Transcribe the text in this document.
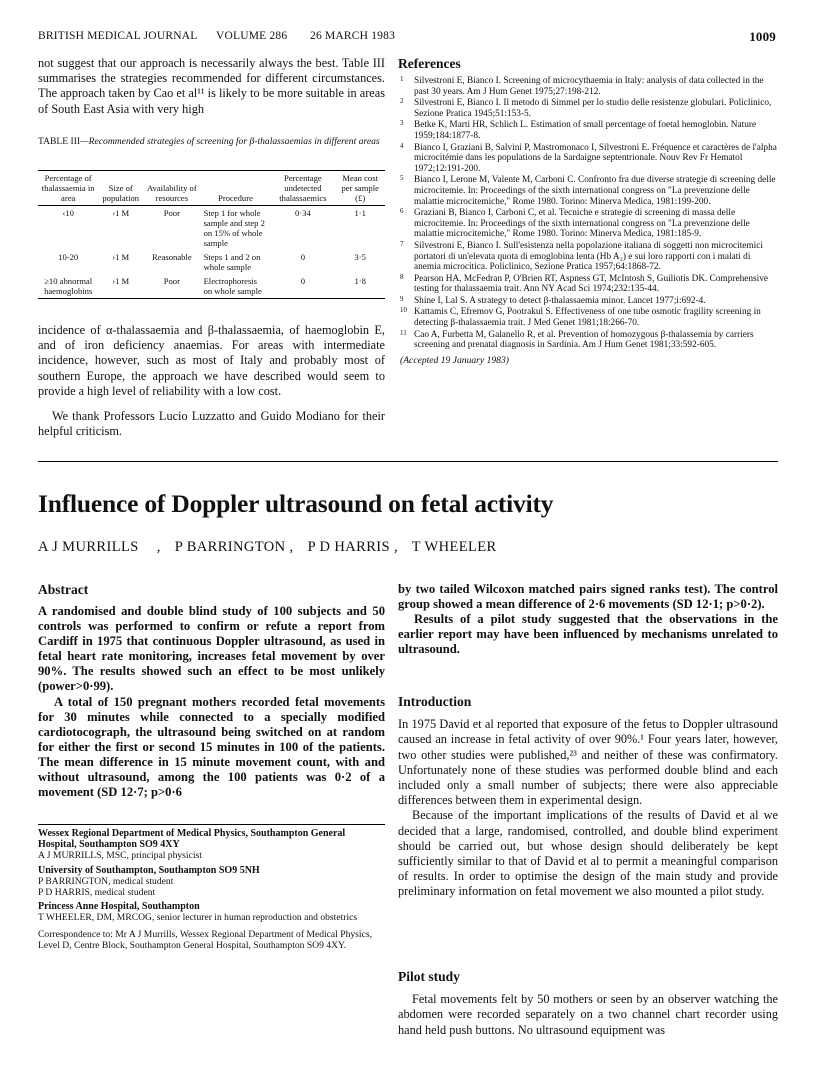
BRITISH MEDICAL JOURNAL VOLUME 286 26 MARCH 1983	1009
not suggest that our approach is necessarily always the best. Table III summarises the strategies recommended for different circumstances. The approach taken by Cao et al¹¹ is likely to be more suitable in areas of South East Asia with very high
TABLE III—Recommended strategies of screening for β-thalassaemias in different areas
Percentage of thalassaemia in area	Size of population	Availability of resources	Procedure	Percentage undetected thalassaemics	Mean cost per sample (£)
‹10	›1 M	Poor	Step 1 for whole sample and step 2 on 15% of whole sample	0·34	1·1
10-20	›1 M	Reasonable	Steps 1 and 2 on whole sample	0	3·5
≥10 abnormal haemoglobins	›1 M	Poor	Electrophoresis on whole sample	0	1·8
incidence of α-thalassaemia and β-thalassaemia, of haemoglobin E, and of iron deficiency anaemias. For areas with intermediate incidence, however, such as most of Italy and probably most of southern Europe, the approach we have described would seem to provide a high level of reliability with a low cost.
We thank Professors Lucio Luzzatto and Guido Modiano for their helpful criticism.
References
1 Silvestroni E, Bianco I. Screening of microcythaemia in Italy: analysis of data collected in the past 30 years. Am J Hum Genet 1975;27:198-212.
2 Silvestroni E, Bianco I. Il metodo di Simmel per lo studio delle resistenze globulari. Policlinico, Sezione Pratica 1945;51:153-5.
3 Betke K, Marti HR, Schlich L. Estimation of small percentage of foetal hemoglobin. Nature 1959;184:1877-8.
4 Bianco I, Graziani B, Salvini P, Mastromonaco I, Silvestroni E. Fréquence et caractères de l'alpha microcitémie dans les populations de la Sardaigne septentrionale. Nouv Rev Fr Hematol 1972;12:191-200.
5 Bianco I, Lerone M, Valente M, Carboni C. Confronto fra due diverse strategie di screening delle microcitemie. In: Proceedings of the sixth international congress on "La prevenzione delle malattie microcitemiche," Rome 1980. Torino: Minerva Medica, 1981:199-200.
6 Graziani B, Bianco I, Carboni C, et al. Tecniche e strategie di screening di massa delle microcitemie. In: Proceedings of the sixth international congress on "La prevenzione delle malattie microcitemiche," Rome 1980. Torino: Minerva Medica, 1981:185-9.
7 Silvestroni E, Bianco I. Sull'esistenza nella popolazione italiana di soggetti non microcitemici portatori di un'elevata quota di emoglobina lenta (Hb A₂) e sui loro rapporti con i malati di anemia microcitica. Policlinico, Sezione Pratica 1957;64:1868-72.
8 Pearson HA, McFedran P, O'Brien RT, Aspness GT, McIntosh S, Guiliotis DK. Comprehensive testing for thalassaemia trait. Ann NY Acad Sci 1974;232:135-44.
9 Shine I, Lal S. A strategy to detect β-thalassaemia minor. Lancet 1977;i:692-4.
10 Kattamis C, Efremov G, Pootrakul S. Effectiveness of one tube osmotic fragility screening in detecting β-thalassaemia trait. J Med Genet 1981;18:266-70.
11 Cao A, Furbetta M, Galanello R, et al. Prevention of homozygous β-thalassemia by carriers screening and prenatal diagnosis in Sardinia. Am J Hum Genet 1981;33:592-605.
(Accepted 19 January 1983)
Influence of Doppler ultrasound on fetal activity
A J MURRILLS , P BARRINGTON , P D HARRIS , T WHEELER
Abstract

A randomised and double blind study of 100 subjects and 50 controls was performed to confirm or refute a report from Cardiff in 1975 that continuous Doppler ultrasound, as used in fetal heart rate monitoring, increases fetal movement by over 90%. The results showed such an effect to be most unlikely (power>0·99).

A total of 150 pregnant mothers recorded fetal movements for 30 minutes while connected to a specially modified cardiotocograph, the ultrasound being switched on at random for either the first or second 15 minutes in 100 of the patients. The mean difference in 15 minute movement count, with and without ultrasound, among the 100 patients was 0·2 of a movement (SD 12·7; p>0·6

by two tailed Wilcoxon matched pairs signed ranks test). The control group showed a mean difference of 2·6 movements (SD 12·1; p>0·2).

Results of a pilot study suggested that the observations in the earlier report may have been influenced by mechanisms unrelated to ultrasound.

Wessex Regional Department of Medical Physics, Southampton General Hospital, Southampton SO9 4XY
A J MURRILLS, MSC, principal physicist
University of Southampton, Southampton SO9 5NH
P BARRINGTON, medical student
P D HARRIS, medical student
Princess Anne Hospital, Southampton
T WHEELER, DM, MRCOG, senior lecturer in human reproduction and obstetrics
Correspondence to: Mr A J Murrills, Wessex Regional Department of Medical Physics, Level D, Centre Block, Southampton General Hospital, Southampton SO9 4XY.
Introduction

In 1975 David et al reported that exposure of the fetus to Doppler ultrasound caused an increase in fetal activity of over 90%.¹ Four years later, however, two other studies were published,²³ and neither of these was confirmatory. Unfortunately none of these studies was performed double blind and each included only a small number of subjects; there were also appreciable differences between them in experimental design.

Because of the important implications of the results of David et al we decided that a large, randomised, controlled, and double blind experiment should be carried out, but whose design should deliberately be kept sufficiently similar to that of David et al to permit a meaningful comparison of results. In order to optimise the design of the main study and provide preliminary information on fetal movement we also mounted a pilot study.

Pilot study

Fetal movements felt by 50 mothers or seen by an observer watching the abdomen were recorded separately on a two channel chart recorder using hand held push buttons. No ultrasound equipment was
